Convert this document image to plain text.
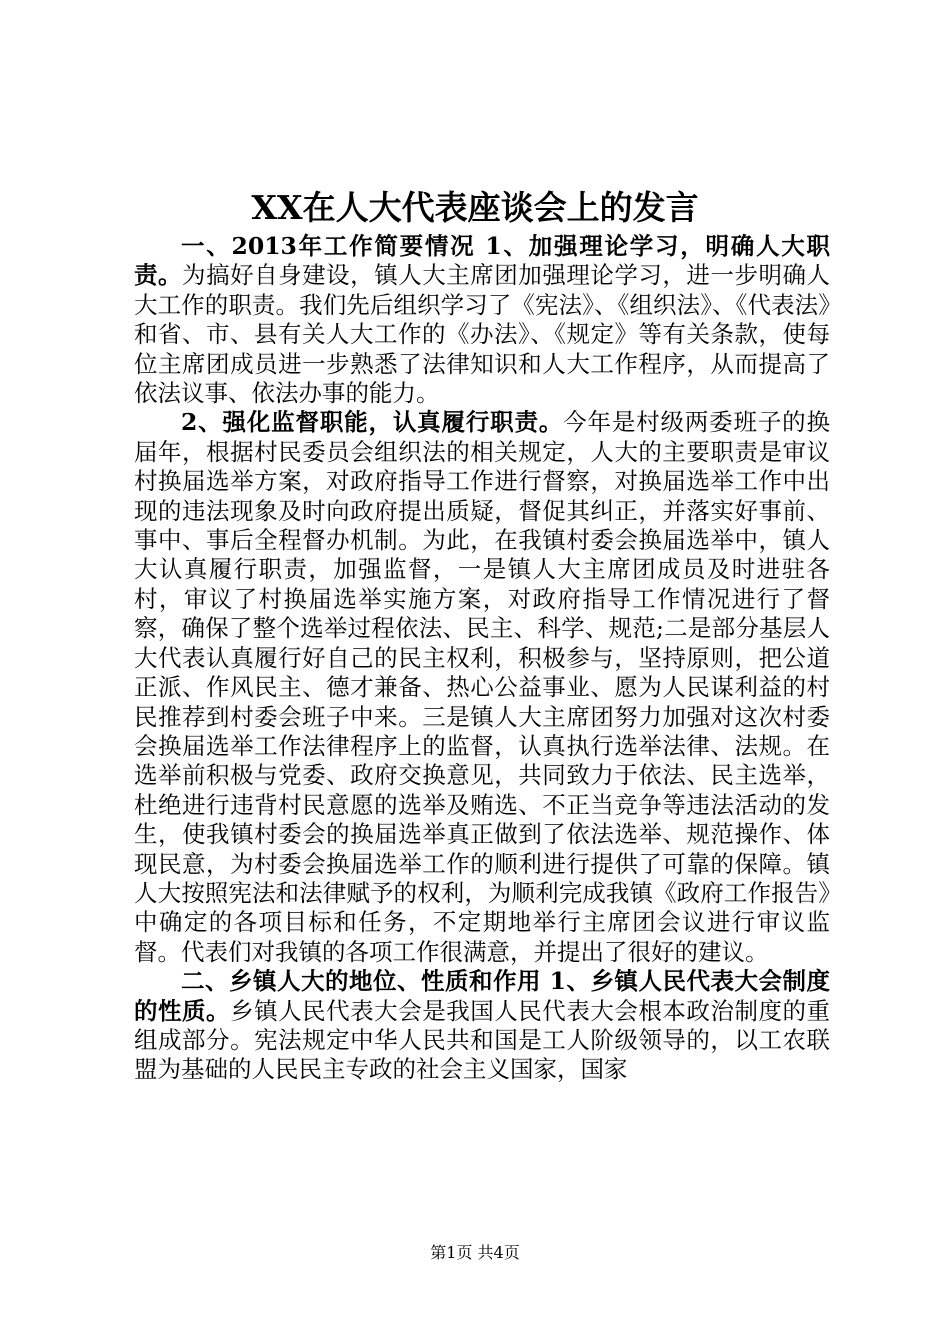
XX在人大代表座谈会上的发言

一、2013年工作简要情况 1、加强理论学习，明确人大职责。为搞好自身建设，镇人大主席团加强理论学习，进一步明确人大工作的职责。我们先后组织学习了《宪法》、《组织法》、《代表法》和省、市、县有关人大工作的《办法》、《规定》等有关条款，使每位主席团成员进一步熟悉了法律知识和人大工作程序，从而提高了依法议事、依法办事的能力。

2、强化监督职能，认真履行职责。今年是村级两委班子的换届年，根据村民委员会组织法的相关规定，人大的主要职责是审议村换届选举方案，对政府指导工作进行督察，对换届选举工作中出现的违法现象及时向政府提出质疑，督促其纠正，并落实好事前、事中、事后全程督办机制。为此，在我镇村委会换届选举中，镇人大认真履行职责，加强监督，一是镇人大主席团成员及时进驻各村，审议了村换届选举实施方案，对政府指导工作情况进行了督察，确保了整个选举过程依法、民主、科学、规范;二是部分基层人大代表认真履行好自己的民主权利，积极参与，坚持原则，把公道正派、作风民主、德才兼备、热心公益事业、愿为人民谋利益的村民推荐到村委会班子中来。三是镇人大主席团努力加强对这次村委会换届选举工作法律程序上的监督，认真执行选举法律、法规。在选举前积极与党委、政府交换意见，共同致力于依法、民主选举，杜绝进行违背村民意愿的选举及贿选、不正当竞争等违法活动的发生，使我镇村委会的换届选举真正做到了依法选举、规范操作、体现民意，为村委会换届选举工作的顺利进行提供了可靠的保障。镇人大按照宪法和法律赋予的权利，为顺利完成我镇《政府工作报告》中确定的各项目标和任务，不定期地举行主席团会议进行审议监督。代表们对我镇的各项工作很满意，并提出了很好的建议。

二、乡镇人大的地位、性质和作用 1、乡镇人民代表大会制度的性质。乡镇人民代表大会是我国人民代表大会根本政治制度的重组成部分。宪法规定中华人民共和国是工人阶级领导的，以工农联盟为基础的人民民主专政的社会主义国家，国家

第1页 共4页
